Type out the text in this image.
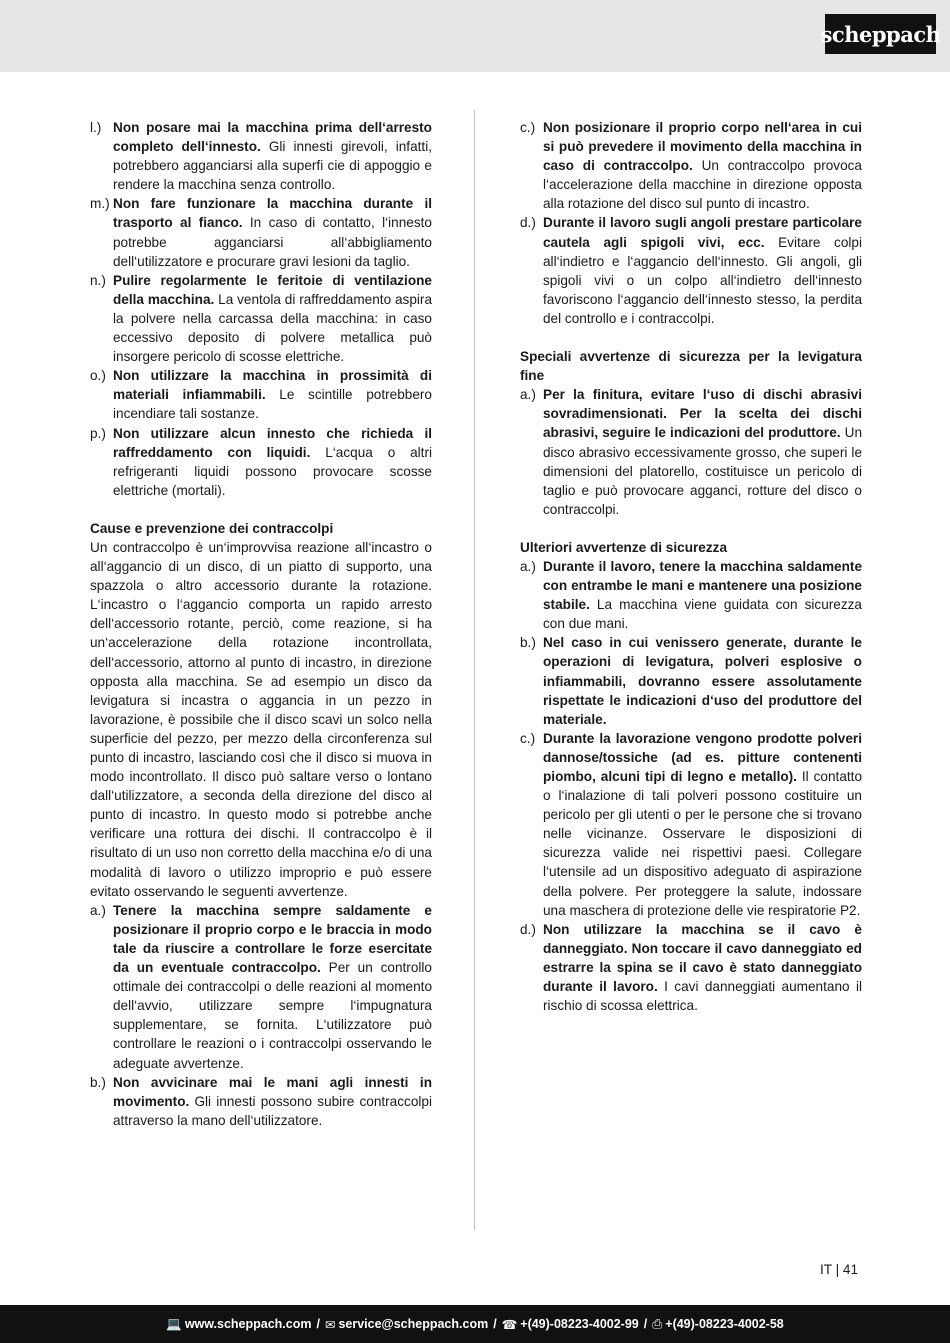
scheppach
l.) Non posare mai la macchina prima dell‘arresto completo dell‘innesto. Gli innesti girevoli, infatti, potrebbero agganciarsi alla superfi cie di appoggio e rendere la macchina senza controllo.

m.) Non fare funzionare la macchina durante il trasporto al fianco. In caso di contatto, l‘innesto potrebbe agganciarsi all‘abbigliamento dell‘utilizzatore e procurare gravi lesioni da taglio.

n.) Pulire regolarmente le feritoie di ventilazione della macchina. La ventola di raffreddamento aspira la polvere nella carcassa della macchina: in caso eccessivo deposito di polvere metallica può insorgere pericolo di scosse elettriche.

o.) Non utilizzare la macchina in prossimità di materiali infiammabili. Le scintille potrebbero incendiare tali sostanze.

p.) Non utilizzare alcun innesto che richieda il raffreddamento con liquidi. L‘acqua o altri refrigeranti liquidi possono provocare scosse elettriche (mortali).

Cause e prevenzione dei contraccolpi

Un contraccolpo è un‘improvvisa reazione all‘incastro o all‘aggancio di un disco, di un piatto di supporto, una spazzola o altro accessorio durante la rotazione. L‘incastro o l‘aggancio comporta un rapido arresto dell‘accessorio rotante, perciò, come reazione, si ha un‘accelerazione della rotazione incontrollata, dell‘accessorio, attorno al punto di incastro, in direzione opposta alla macchina. Se ad esempio un disco da levigatura si incastra o aggancia in un pezzo in lavorazione, è possibile che il disco scavi un solco nella superficie del pezzo, per mezzo della circonferenza sul punto di incastro, lasciando così che il disco si muova in modo incontrollato. Il disco può saltare verso o lontano dall‘utilizzatore, a seconda della direzione del disco al punto di incastro. In questo modo si potrebbe anche verificare una rottura dei dischi. Il contraccolpo è il risultato di un uso non corretto della macchina e/o di una modalità di lavoro o utilizzo improprio e può essere evitato osservando le seguenti avvertenze.

a.) Tenere la macchina sempre saldamente e posizionare il proprio corpo e le braccia in modo tale da riuscire a controllare le forze esercitate da un eventuale contraccolpo. Per un controllo ottimale dei contraccolpi o delle reazioni al momento dell‘avvio, utilizzare sempre l‘impugnatura supplementare, se fornita. L‘utilizzatore può controllare le reazioni o i contraccolpi osservando le adeguate avvertenze.

b.) Non avvicinare mai le mani agli innesti in movimento. Gli innesti possono subire contraccolpi attraverso la mano dell‘utilizzatore.

c.) Non posizionare il proprio corpo nell‘area in cui si può prevedere il movimento della macchina in caso di contraccolpo. Un contraccolpo provoca l‘accelerazione della macchine in direzione opposta alla rotazione del disco sul punto di incastro.

d.) Durante il lavoro sugli angoli prestare particolare cautela agli spigoli vivi, ecc. Evitare colpi all‘indietro e l‘aggancio dell‘innesto. Gli angoli, gli spigoli vivi o un colpo all‘indietro dell‘innesto favoriscono l‘aggancio dell‘innesto stesso, la perdita del controllo e i contraccolpi.

Speciali avvertenze di sicurezza per la levigatura fine

a.) Per la finitura, evitare l‘uso di dischi abrasivi sovradimensionati. Per la scelta dei dischi abrasivi, seguire le indicazioni del produttore. Un disco abrasivo eccessivamente grosso, che superi le dimensioni del platorello, costituisce un pericolo di taglio e può provocare agganci, rotture del disco o contraccolpi.

Ulteriori avvertenze di sicurezza

a.) Durante il lavoro, tenere la macchina saldamente con entrambe le mani e mantenere una posizione stabile. La macchina viene guidata con sicurezza con due mani.

b.) Nel caso in cui venissero generate, durante le operazioni di levigatura, polveri esplosive o infiammabili, dovranno essere assolutamente rispettate le indicazioni d‘uso del produttore del materiale.

c.) Durante la lavorazione vengono prodotte polveri dannose/tossiche (ad es. pitture contenenti piombo, alcuni tipi di legno e metallo). Il contatto o l‘inalazione di tali polveri possono costituire un pericolo per gli utenti o per le persone che si trovano nelle vicinanze. Osservare le disposizioni di sicurezza valide nei rispettivi paesi. Collegare l‘utensile ad un dispositivo adeguato di aspirazione della polvere. Per proteggere la salute, indossare una maschera di protezione delle vie respiratorie P2.

d.) Non utilizzare la macchina se il cavo è danneggiato. Non toccare il cavo danneggiato ed estrarre la spina se il cavo è stato danneggiato durante il lavoro. I cavi danneggiati aumentano il rischio di scossa elettrica.

IT | 41
💻 www.scheppach.com / ✉ service@scheppach.com / ☎ +(49)-08223-4002-99 / ⎙ +(49)-08223-4002-58
